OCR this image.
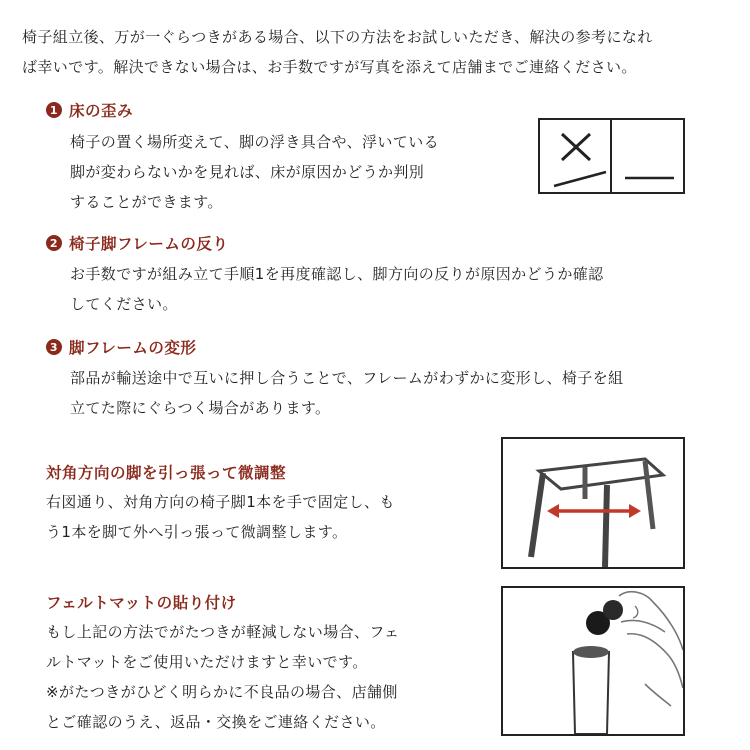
椅子組立後、万が一ぐらつきがある場合、以下の方法をお試しいただき、解決の参考になれ

ば幸いです。解決できない場合は、お手数ですが写真を添えて店舗までご連絡ください。

1 床の歪み

椅子の置く場所変えて、脚の浮き具合や、浮いている

脚が変わらないかを見れば、床が原因かどうか判別

することができます。

2 椅子脚フレームの反り

お手数ですが組み立て手順1を再度確認し、脚方向の反りが原因かどうか確認

してください。

3 脚フレームの変形

部品が輸送途中で互いに押し合うことで、フレームがわずかに変形し、椅子を組

立てた際にぐらつく場合があります。

対角方向の脚を引っ張って微調整

右図通り、対角方向の椅子脚1本を手で固定し、も

う1本を脚て外へ引っ張って微調整します。

フェルトマットの貼り付け

もし上記の方法でがたつきが軽減しない場合、フェ

ルトマットをご使用いただけますと幸いです。

※がたつきがひどく明らかに不良品の場合、店舗側

とご確認のうえ、返品・交換をご連絡ください。
